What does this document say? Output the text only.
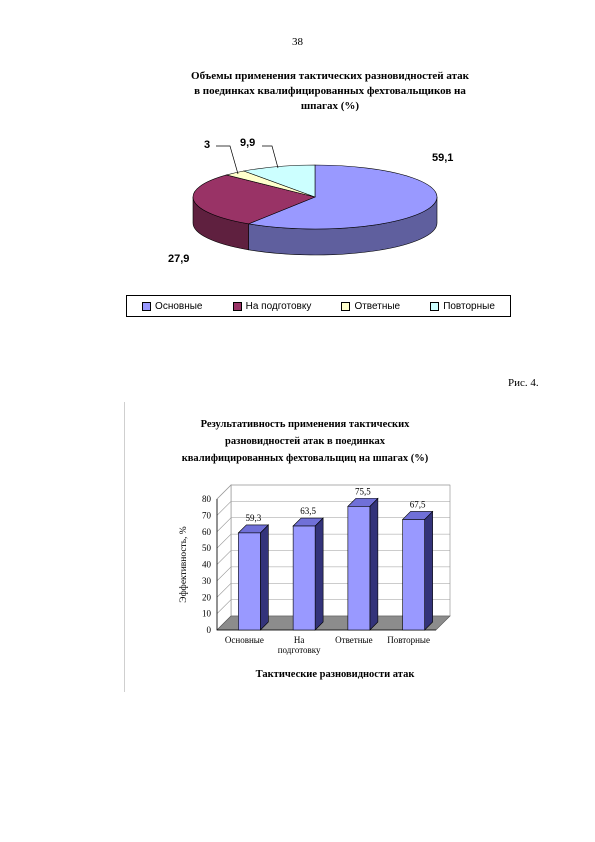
38
Объемы применения тактических разновидностей атак
в поединках квалифицированных фехтовальщиков на
шпагах (%)
59,1
27,9
3	9,9
Основные	На подготовку	Ответные	Повторные
Рис. 4.
Результативность применения тактических
разновидностей атак в поединках
квалифицированных фехтовальщиц на шпагах (%)
0
10
20
30
40
50
60
70
80
Эффективность, %
59,3
Основные
63,5
На
подготовку
75,5
Ответные
67,5
Повторные
Тактические разновидности атак
